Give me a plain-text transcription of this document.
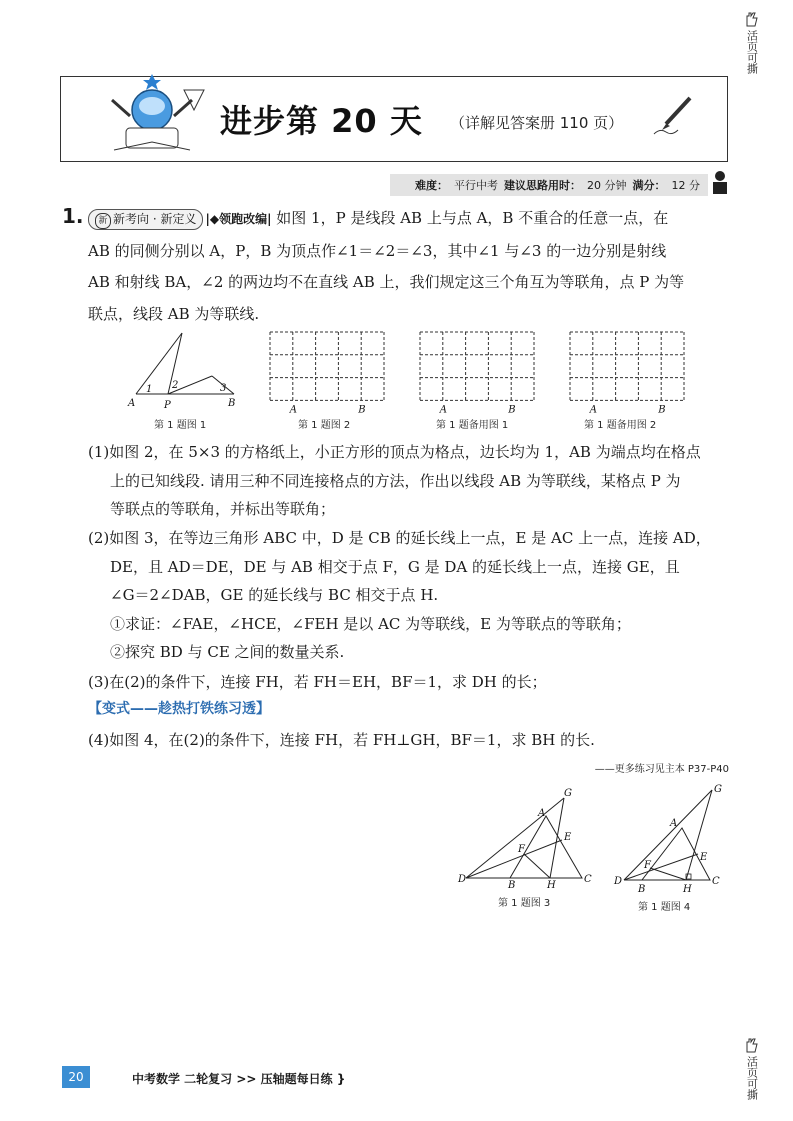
活页可撕
活页可撕
进步第 20 天 （详解见答案册 110 页）
难度： 平行中考 建议思路用时： 20 分钟 满分： 12 分
1.	新 新考向 · 新定义 |◆领跑改编| 如图 1，P 是线段 AB 上与点 A，B 不重合的任意一点，在
AB 的同侧分别以 A，P，B 为顶点作∠1＝∠2＝∠3，其中∠1 与∠3 的一边分别是射线
AB 和射线 BA，∠2 的两边均不在直线 AB 上，我们规定这三个角互为等联角，点 P 为等
联点，线段 AB 为等联线.
A	P	B
1 2	3
第 1 题图 1
A	B	A	B	A	B
第 1 题图 2	第 1 题备用图 1	第 1 题备用图 2
(1)如图 2，在 5×3 的方格纸上，小正方形的顶点为格点，边长均为 1，AB 为端点均在格点
上的已知线段. 请用三种不同连接格点的方法，作出以线段 AB 为等联线，某格点 P 为
等联点的等联角，并标出等联角；
(2)如图 3，在等边三角形 ABC 中，D 是 CB 的延长线上一点，E 是 AC 上一点，连接 AD，
DE，且 AD＝DE，DE 与 AB 相交于点 F，G 是 DA 的延长线上一点，连接 GE，且
∠G＝2∠DAB，GE 的延长线与 BC 相交于点 H.
①求证：∠FAE，∠HCE，∠FEH 是以 AC 为等联线，E 为等联点的等联角；
②探究 BD 与 CE 之间的数量关系.
(3)在(2)的条件下，连接 FH，若 FH＝EH，BF＝1，求 DH 的长；
【变式——趁热打铁练习透】
(4)如图 4，在(2)的条件下，连接 FH，若 FH⊥GH，BF＝1，求 BH 的长.
——更多练习见主本 P37-P40
D
B	H
C
A
E
F
G
第 1 题图 3
D
B	H
C
A
E
F
G
第 1 题图 4
20	中考数学 二轮复习 >> 压轴题每日练 }
